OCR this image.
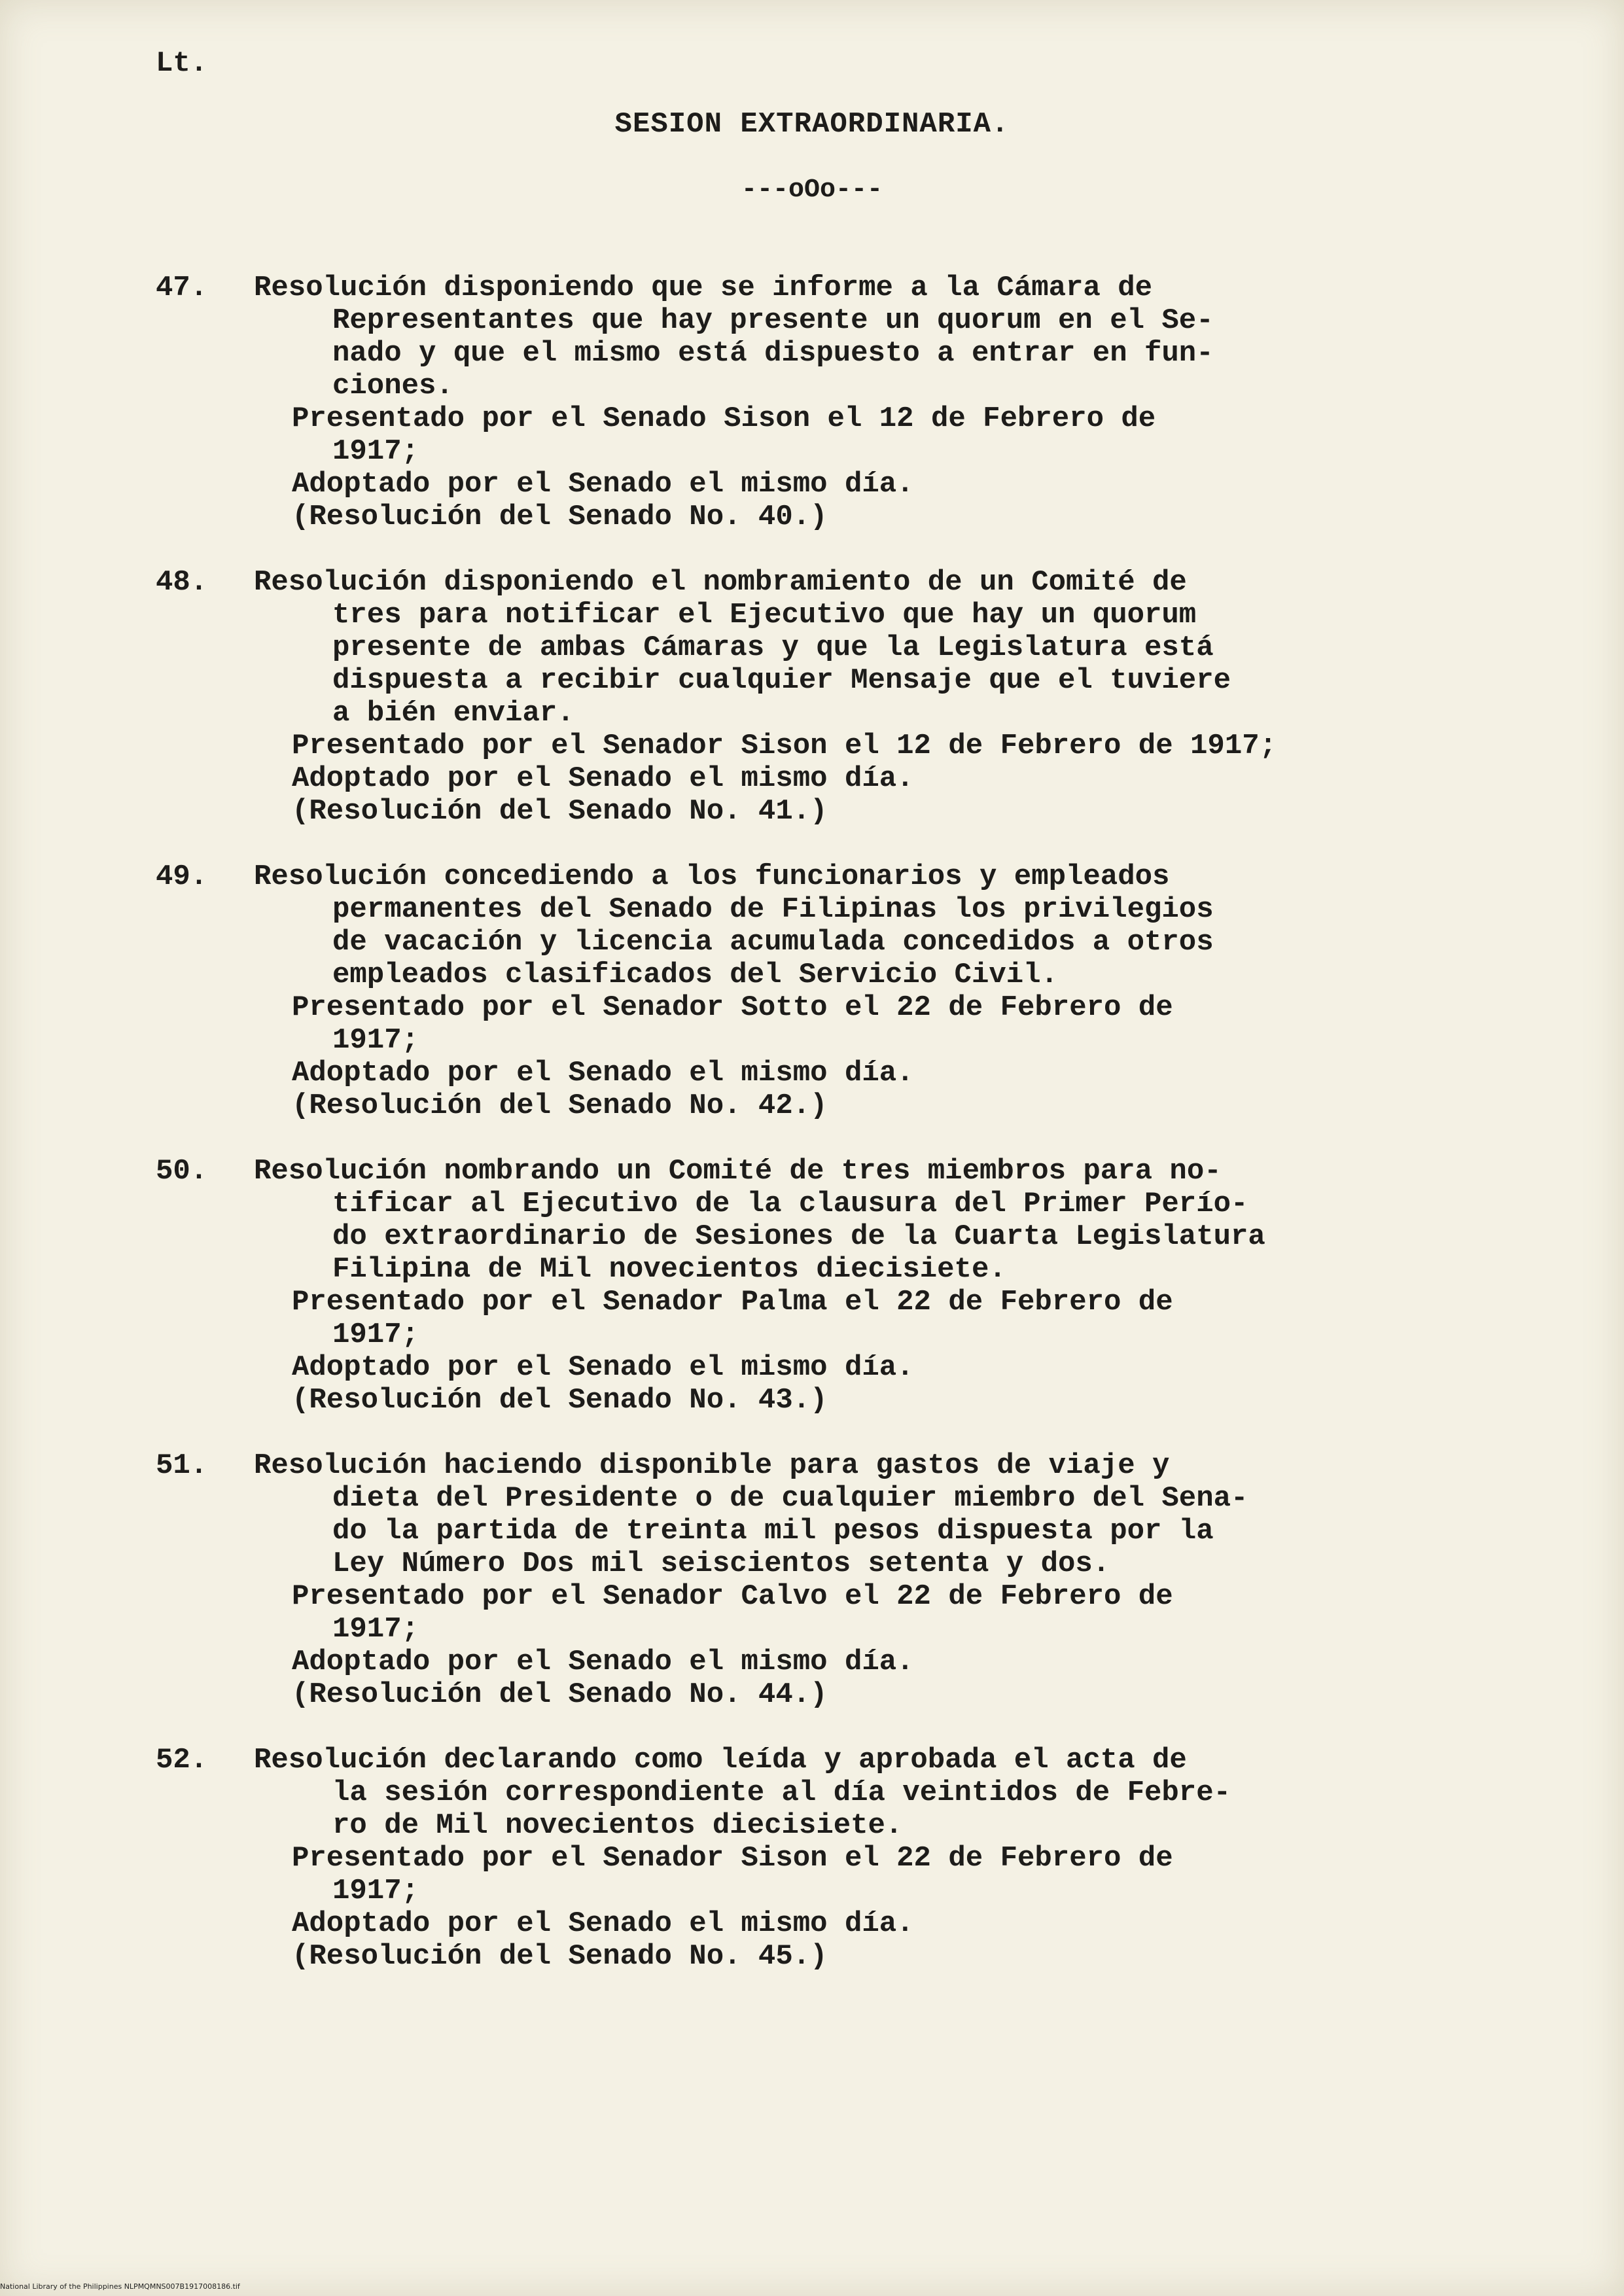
Lt.
SESION EXTRAORDINARIA.
---oOo---
47. Resolución disponiendo que se informe a la Cámara de
Representantes que hay presente un quorum en el Se-
nado y que el mismo está dispuesto a entrar en fun-
ciones.
Presentado por el Senado Sison el 12 de Febrero de
1917;
Adoptado por el Senado el mismo día.
(Resolución del Senado No. 40.)
48. Resolución disponiendo el nombramiento de un Comité de
tres para notificar el Ejecutivo que hay un quorum
presente de ambas Cámaras y que la Legislatura está
dispuesta a recibir cualquier Mensaje que el tuviere
a bién enviar.
Presentado por el Senador Sison el 12 de Febrero de 1917;
Adoptado por el Senado el mismo día.
(Resolución del Senado No. 41.)
49. Resolución concediendo a los funcionarios y empleados
permanentes del Senado de Filipinas los privilegios
de vacación y licencia acumulada concedidos a otros
empleados clasificados del Servicio Civil.
Presentado por el Senador Sotto el 22 de Febrero de
1917;
Adoptado por el Senado el mismo día.
(Resolución del Senado No. 42.)
50. Resolución nombrando un Comité de tres miembros para no-
tificar al Ejecutivo de la clausura del Primer Perío-
do extraordinario de Sesiones de la Cuarta Legislatura
Filipina de Mil novecientos diecisiete.
Presentado por el Senador Palma el 22 de Febrero de
1917;
Adoptado por el Senado el mismo día.
(Resolución del Senado No. 43.)
51. Resolución haciendo disponible para gastos de viaje y
dieta del Presidente o de cualquier miembro del Sena-
do la partida de treinta mil pesos dispuesta por la
Ley Número Dos mil seiscientos setenta y dos.
Presentado por el Senador Calvo el 22 de Febrero de
1917;
Adoptado por el Senado el mismo día.
(Resolución del Senado No. 44.)
52. Resolución declarando como leída y aprobada el acta de
la sesión correspondiente al día veintidos de Febre-
ro de Mil novecientos diecisiete.
Presentado por el Senador Sison el 22 de Febrero de
1917;
Adoptado por el Senado el mismo día.
(Resolución del Senado No. 45.)
National Library of the Philippines NLPMQMNS007B1917008186.tif
